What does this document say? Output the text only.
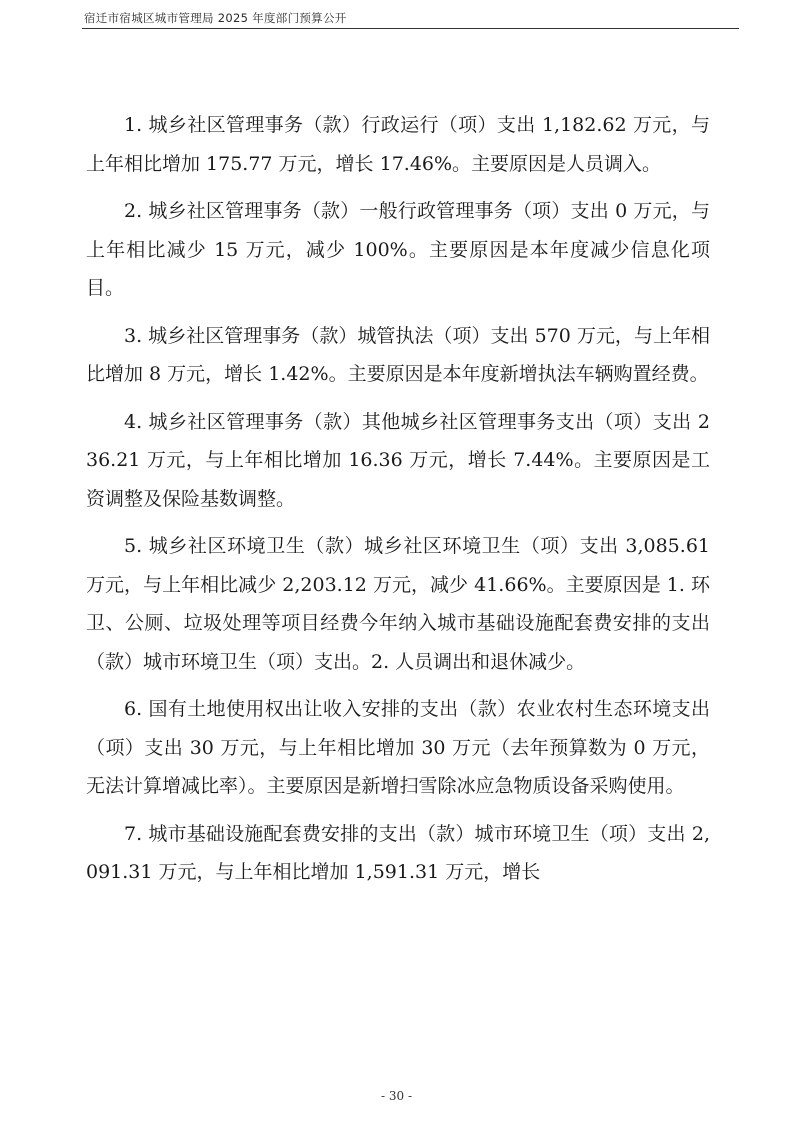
宿迁市宿城区城市管理局 2025 年度部门预算公开

1. 城乡社区管理事务（款）行政运行（项）支出 1,182.62 万元，与上年相比增加 175.77 万元，增长 17.46%。主要原因是人员调入。

2. 城乡社区管理事务（款）一般行政管理事务（项）支出 0 万元，与上年相比减少 15 万元，减少 100%。主要原因是本年度减少信息化项目。

3. 城乡社区管理事务（款）城管执法（项）支出 570 万元，与上年相比增加 8 万元，增长 1.42%。主要原因是本年度新增执法车辆购置经费。

4. 城乡社区管理事务（款）其他城乡社区管理事务支出（项）支出 236.21 万元，与上年相比增加 16.36 万元，增长 7.44%。主要原因是工资调整及保险基数调整。

5. 城乡社区环境卫生（款）城乡社区环境卫生（项）支出 3,085.61 万元，与上年相比减少 2,203.12 万元，减少 41.66%。主要原因是 1. 环卫、公厕、垃圾处理等项目经费今年纳入城市基础设施配套费安排的支出（款）城市环境卫生（项）支出。2. 人员调出和退休减少。

6. 国有土地使用权出让收入安排的支出（款）农业农村生态环境支出（项）支出 30 万元，与上年相比增加 30 万元（去年预算数为 0 万元，无法计算增减比率）。主要原因是新增扫雪除冰应急物质设备采购使用。

7. 城市基础设施配套费安排的支出（款）城市环境卫生（项）支出 2,091.31 万元，与上年相比增加 1,591.31 万元，增长

- 30 -
